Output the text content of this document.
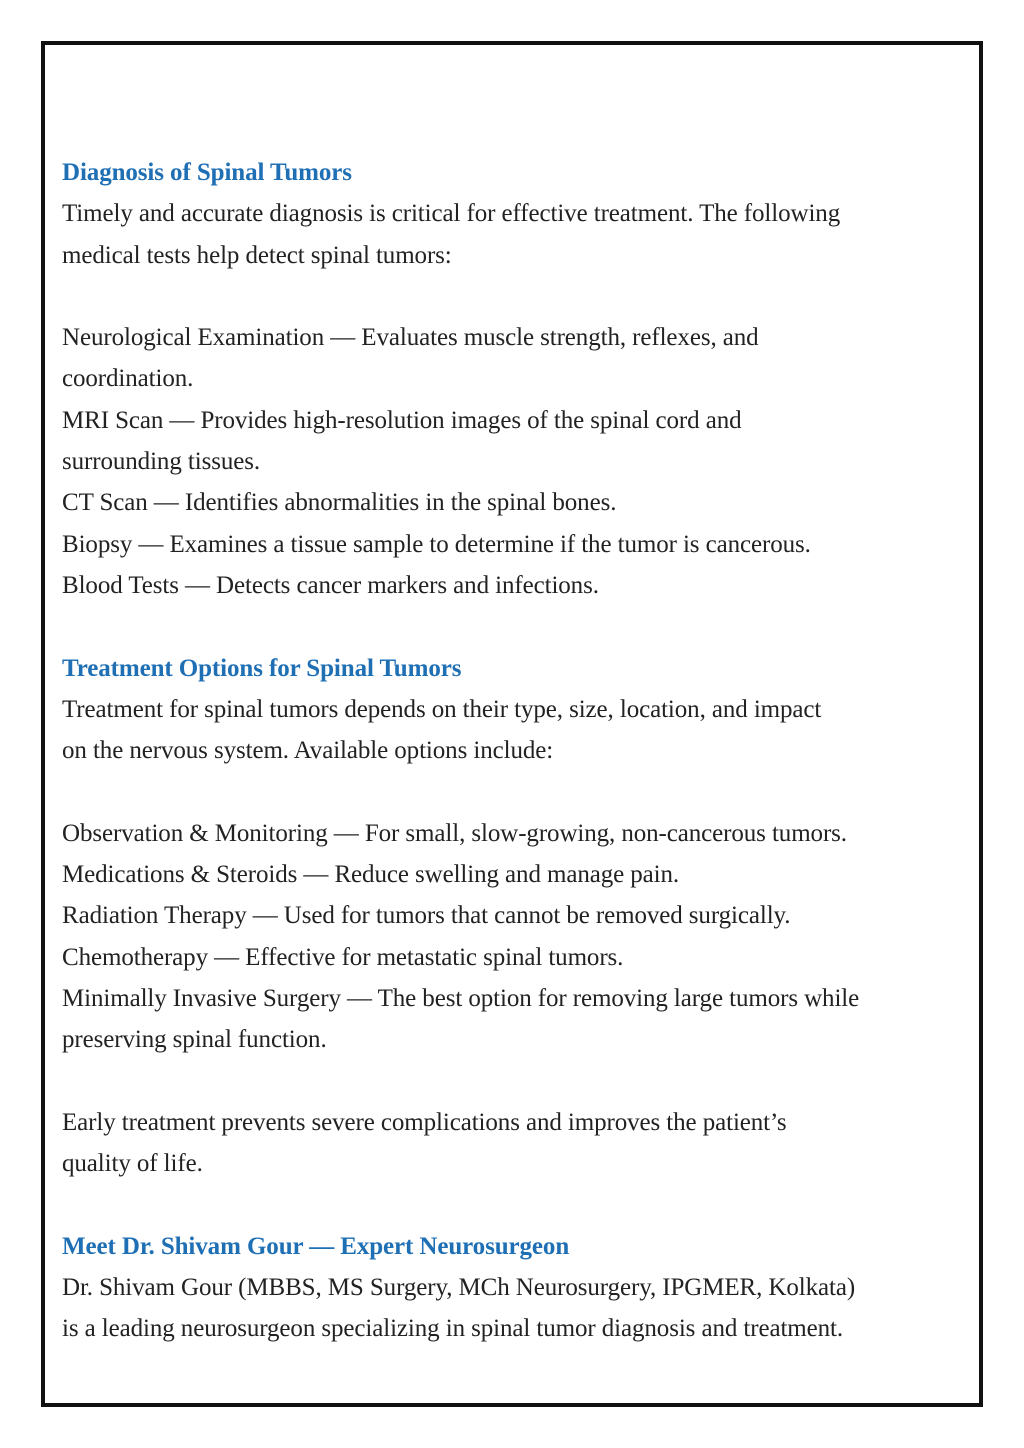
Diagnosis of Spinal Tumors
Timely and accurate diagnosis is critical for effective treatment. The following
medical tests help detect spinal tumors:
Neurological Examination — Evaluates muscle strength, reflexes, and
coordination.
MRI Scan — Provides high-resolution images of the spinal cord and
surrounding tissues.
CT Scan — Identifies abnormalities in the spinal bones.
Biopsy — Examines a tissue sample to determine if the tumor is cancerous.
Blood Tests — Detects cancer markers and infections.
Treatment Options for Spinal Tumors
Treatment for spinal tumors depends on their type, size, location, and impact
on the nervous system. Available options include:
Observation & Monitoring — For small, slow-growing, non-cancerous tumors.
Medications & Steroids — Reduce swelling and manage pain.
Radiation Therapy — Used for tumors that cannot be removed surgically.
Chemotherapy — Effective for metastatic spinal tumors.
Minimally Invasive Surgery — The best option for removing large tumors while
preserving spinal function.
Early treatment prevents severe complications and improves the patient’s
quality of life.
Meet Dr. Shivam Gour — Expert Neurosurgeon
Dr. Shivam Gour (MBBS, MS Surgery, MCh Neurosurgery, IPGMER, Kolkata)
is a leading neurosurgeon specializing in spinal tumor diagnosis and treatment.
